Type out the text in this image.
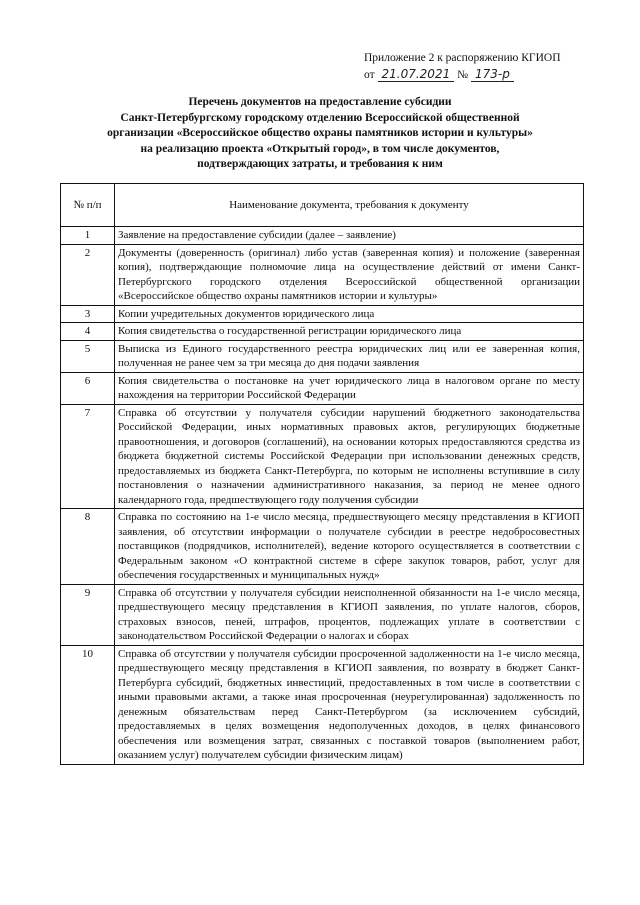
Приложение 2 к распоряжению КГИОП
от 21.07.2021 № 173-р
Перечень документов на предоставление субсидии
Санкт-Петербургскому городскому отделению Всероссийской общественной
организации «Всероссийское общество охраны памятников истории и культуры»
на реализацию проекта «Открытый город», в том числе документов,
подтверждающих затраты, и требования к ним
№ п/п	Наименование документа, требования к документу
1	Заявление на предоставление субсидии (далее – заявление)
2	Документы (доверенность (оригинал) либо устав (заверенная копия) и положение (заверенная копия), подтверждающие полномочие лица на осуществление действий от имени Санкт-Петербургского городского отделения Всероссийской общественной организации «Всероссийское общество охраны памятников истории и культуры»
3	Копии учредительных документов юридического лица
4	Копия свидетельства о государственной регистрации юридического лица
5	Выписка из Единого государственного реестра юридических лиц или ее заверенная копия, полученная не ранее чем за три месяца до дня подачи заявления
6	Копия свидетельства о постановке на учет юридического лица в налоговом органе по месту нахождения на территории Российской Федерации
7	Справка об отсутствии у получателя субсидии нарушений бюджетного законодательства Российской Федерации, иных нормативных правовых актов, регулирующих бюджетные правоотношения, и договоров (соглашений), на основании которых предоставляются средства из бюджета бюджетной системы Российской Федерации при использовании денежных средств, предоставляемых из бюджета Санкт-Петербурга, по которым не исполнены вступившие в силу постановления о назначении административного наказания, за период не менее одного календарного года, предшествующего году получения субсидии
8	Справка по состоянию на 1-е число месяца, предшествующего месяцу представления в КГИОП заявления, об отсутствии информации о получателе субсидии в реестре недобросовестных поставщиков (подрядчиков, исполнителей), ведение которого осуществляется в соответствии с Федеральным законом «О контрактной системе в сфере закупок товаров, работ, услуг для обеспечения государственных и муниципальных нужд»
9	Справка об отсутствии у получателя субсидии неисполненной обязанности на 1-е число месяца, предшествующего месяцу представления в КГИОП заявления, по уплате налогов, сборов, страховых взносов, пеней, штрафов, процентов, подлежащих уплате в соответствии с законодательством Российской Федерации о налогах и сборах
10	Справка об отсутствии у получателя субсидии просроченной задолженности на 1-е число месяца, предшествующего месяцу представления в КГИОП заявления, по возврату в бюджет Санкт-Петербурга субсидий, бюджетных инвестиций, предоставленных в том числе в соответствии с иными правовыми актами, а также иная просроченная (неурегулированная) задолженность по денежным обязательствам перед Санкт-Петербургом (за исключением субсидий, предоставляемых в целях возмещения недополученных доходов, в целях финансового обеспечения или возмещения затрат, связанных с поставкой товаров (выполнением работ, оказанием услуг) получателем субсидии физическим лицам)
